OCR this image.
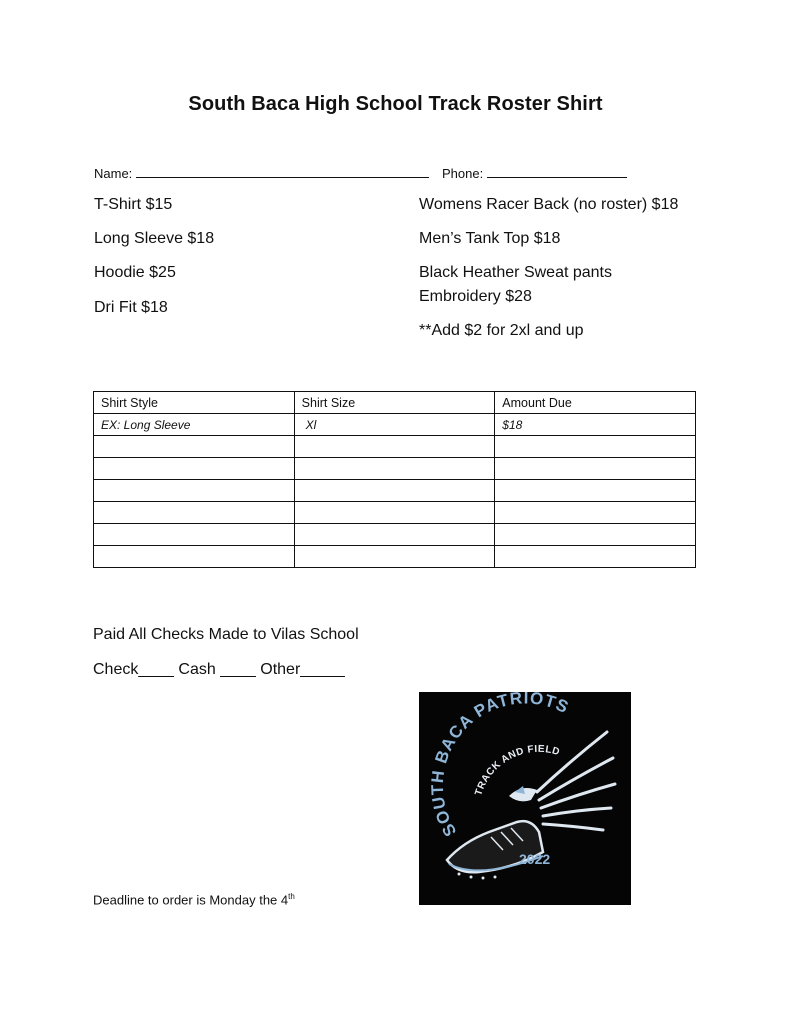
South Baca High School Track Roster Shirt
Name:	Phone:
T-Shirt $15
Long Sleeve $18
Hoodie $25
Dri Fit $18
Womens Racer Back (no roster) $18
Men’s Tank Top $18
Black Heather Sweat pants
Embroidery $28
**Add $2 for 2xl and up
Shirt Style	Shirt Size	Amount Due
EX: Long Sleeve	Xl	$18

Paid All Checks Made to Vilas School
Check____ Cash ____ Other_____
Deadline to order is Monday the 4th
SOUTH BACA PATRIOTS
TRACK AND FIELD
2022
